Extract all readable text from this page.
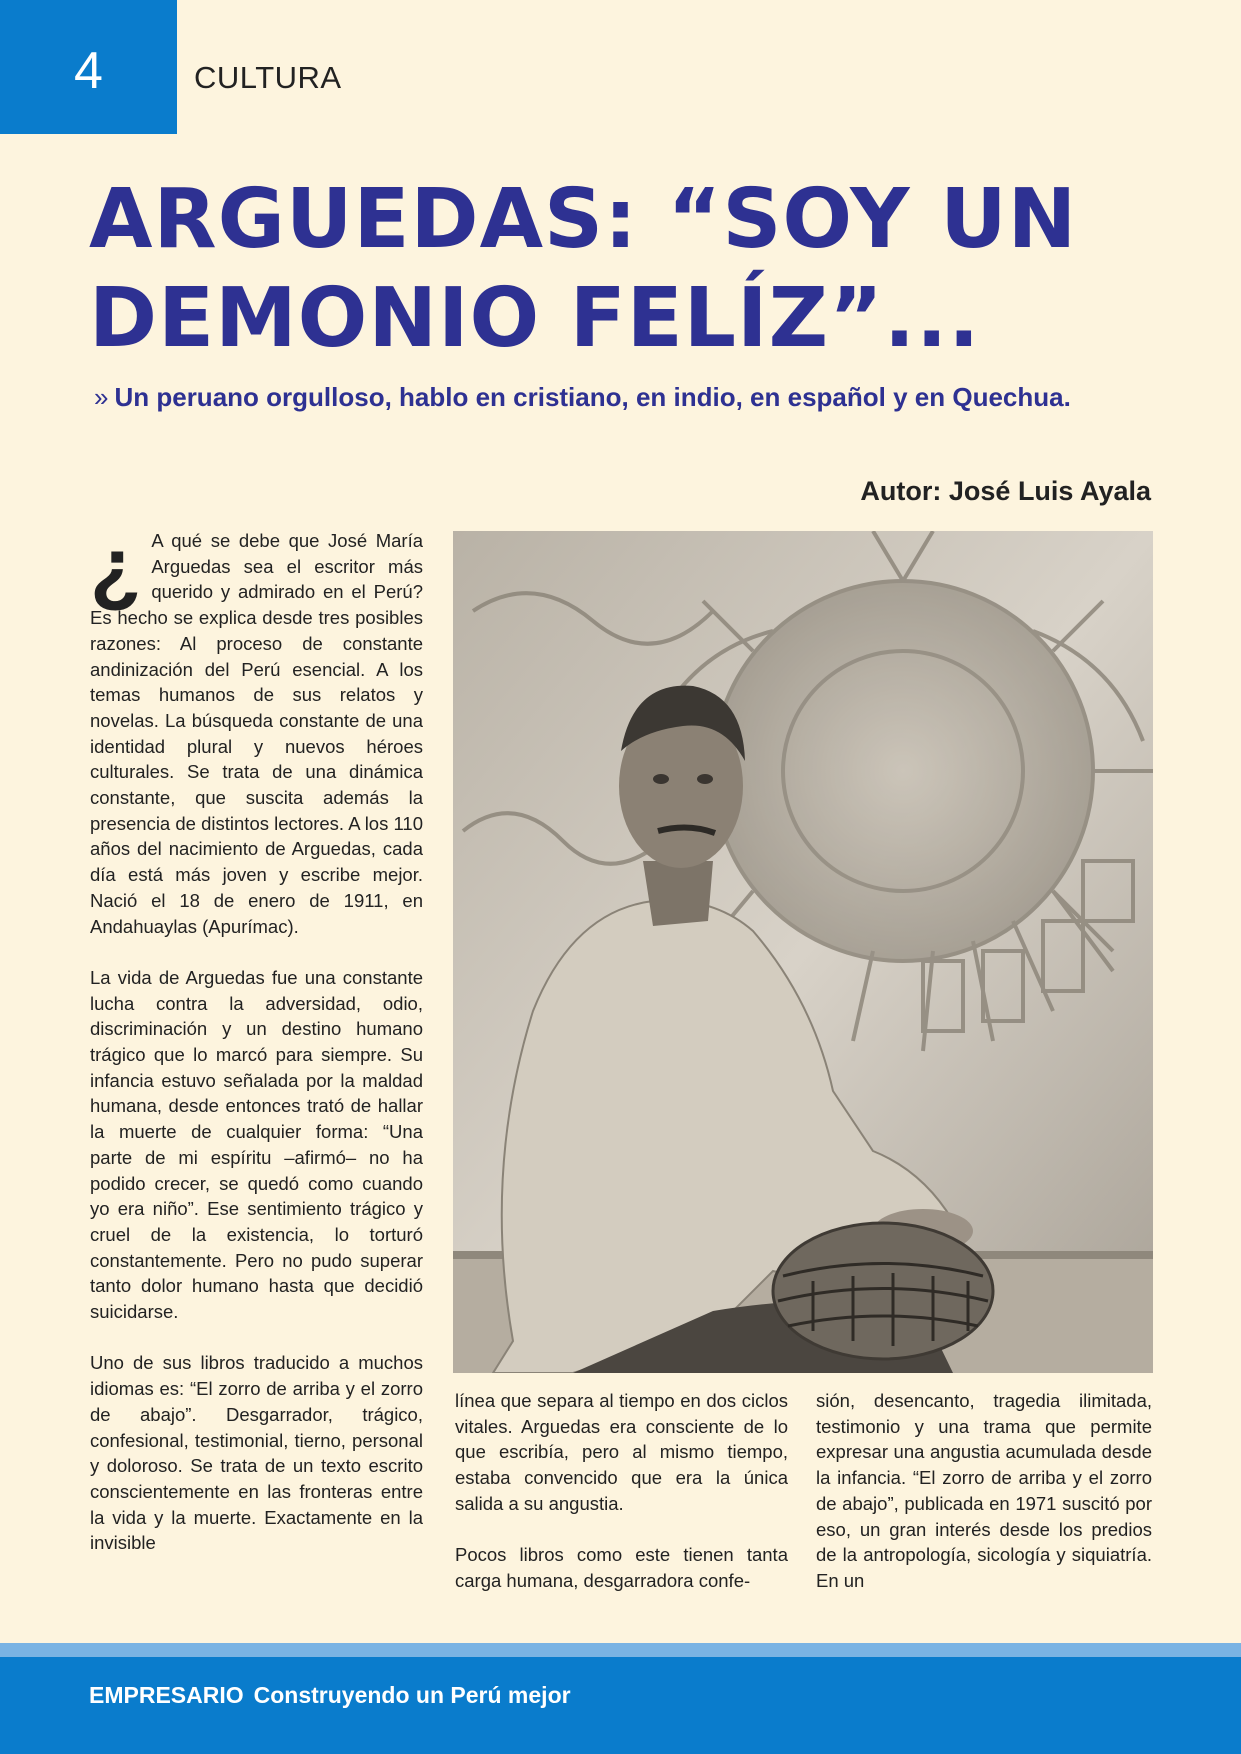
4	CULTURA
ARGUEDAS: “SOY UN
DEMONIO FELÍZ”...
» Un peruano orgulloso, hablo en cristiano, en indio, en español y en Quechua.
Autor: José Luis Ayala

¿ A qué se debe que José María Arguedas sea el escritor más querido y admirado en el Perú? Es hecho se explica desde tres posibles razones: Al proceso de constante andinización del Perú esencial. A los temas humanos de sus relatos y novelas. La búsqueda constante de una identidad plural y nuevos héroes culturales. Se trata de una dinámica constante, que suscita además la presencia de distintos lectores. A los 110 años del nacimiento de Arguedas, cada día está más joven y escribe mejor. Nació el 18 de enero de 1911, en Andahuaylas (Apurímac).

La vida de Arguedas fue una constante lucha contra la adversidad, odio, discriminación y un destino humano trágico que lo marcó para siempre. Su infancia estuvo señalada por la maldad humana, desde entonces trató de hallar la muerte de cualquier forma: “Una parte de mi espíritu –afirmó– no ha podido crecer, se quedó como cuando yo era niño”. Ese sentimiento trágico y cruel de la existencia, lo torturó constantemente. Pero no pudo superar tanto dolor humano hasta que decidió suicidarse.

Uno de sus libros traducido a muchos idiomas es: “El zorro de arriba y el zorro de abajo”. Desgarrador, trágico, confesional, testimonial, tierno, personal y doloroso. Se trata de un texto escrito conscientemente en las fronteras entre la vida y la muerte. Exactamente en la invisible

línea que separa al tiempo en dos ciclos vitales. Arguedas era consciente de lo que escribía, pero al mismo tiempo, estaba convencido que era la única salida a su angustia.

Pocos libros como este tienen tanta carga humana, desgarradora confe-

sión, desencanto, tragedia ilimitada, testimonio y una trama que permite expresar una angustia acumulada desde la infancia. “El zorro de arriba y el zorro de abajo”, publicada en 1971 suscitó por eso, un gran interés desde los predios de la antropología, sicología y siquiatría. En un

EMPRESARIO Construyendo un Perú mejor
